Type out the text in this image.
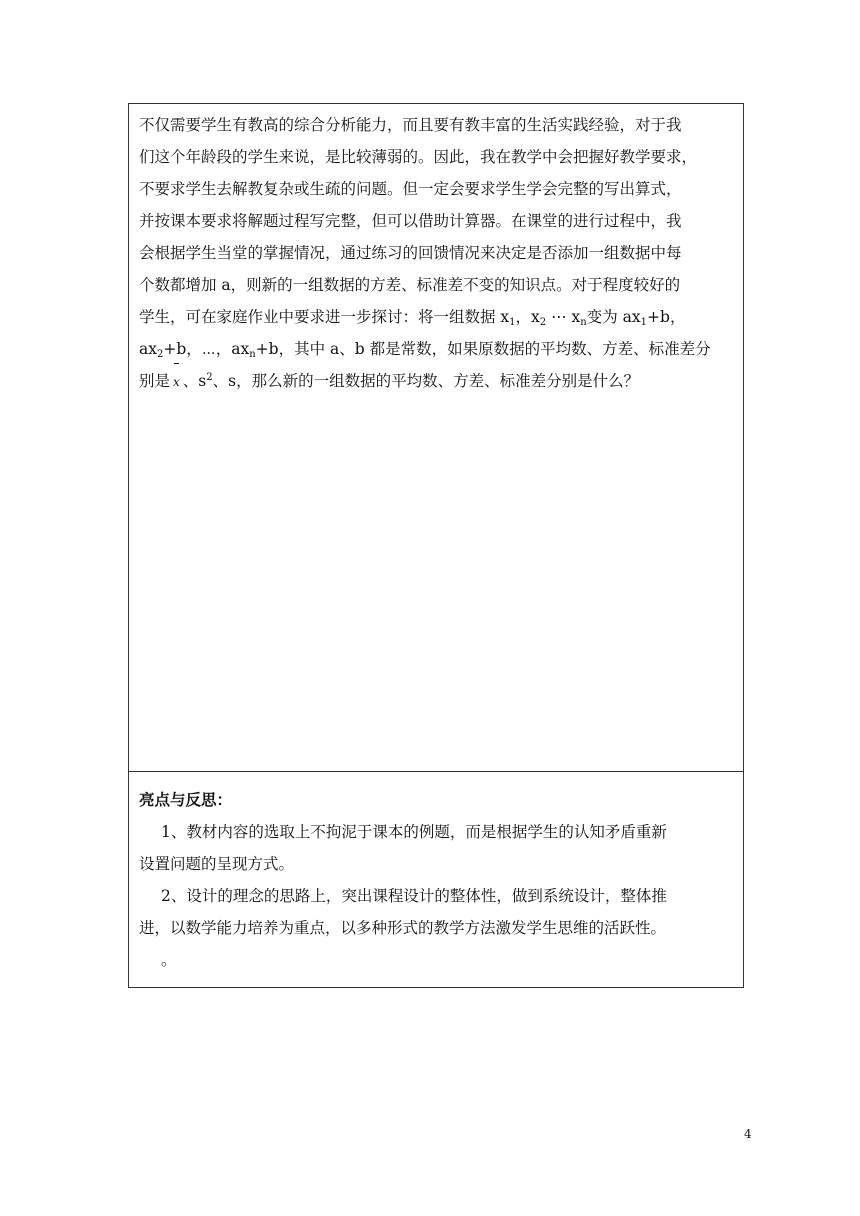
不仅需要学生有教高的综合分析能力，而且要有教丰富的生活实践经验，对于我
们这个年龄段的学生来说，是比较薄弱的。因此，我在教学中会把握好教学要求，
不要求学生去解教复杂或生疏的问题。但一定会要求学生学会完整的写出算式，
并按课本要求将解题过程写完整，但可以借助计算器。在课堂的进行过程中，我
会根据学生当堂的掌握情况，通过练习的回馈情况来决定是否添加一组数据中每
个数都增加 a，则新的一组数据的方差、标准差不变的知识点。对于程度较好的
学生，可在家庭作业中要求进一步探讨：将一组数据 $x_1$，$x_2$ ⋯ $x_n$变为 $ax_1+b$，
$ax_2+b$，⋯，$ax_n+b$，其中 a、b 都是常数，如果原数据的平均数、方差、标准差分
别是 x 、$s^2$、s，那么新的一组数据的平均数、方差、标准差分别是什么？
亮点与反思：
1、教材内容的选取上不拘泥于课本的例题，而是根据学生的认知矛盾重新
设置问题的呈现方式。
2、设计的理念的思路上，突出课程设计的整体性，做到系统设计，整体推
进，以数学能力培养为重点，以多种形式的教学方法激发学生思维的活跃性。
。
4
